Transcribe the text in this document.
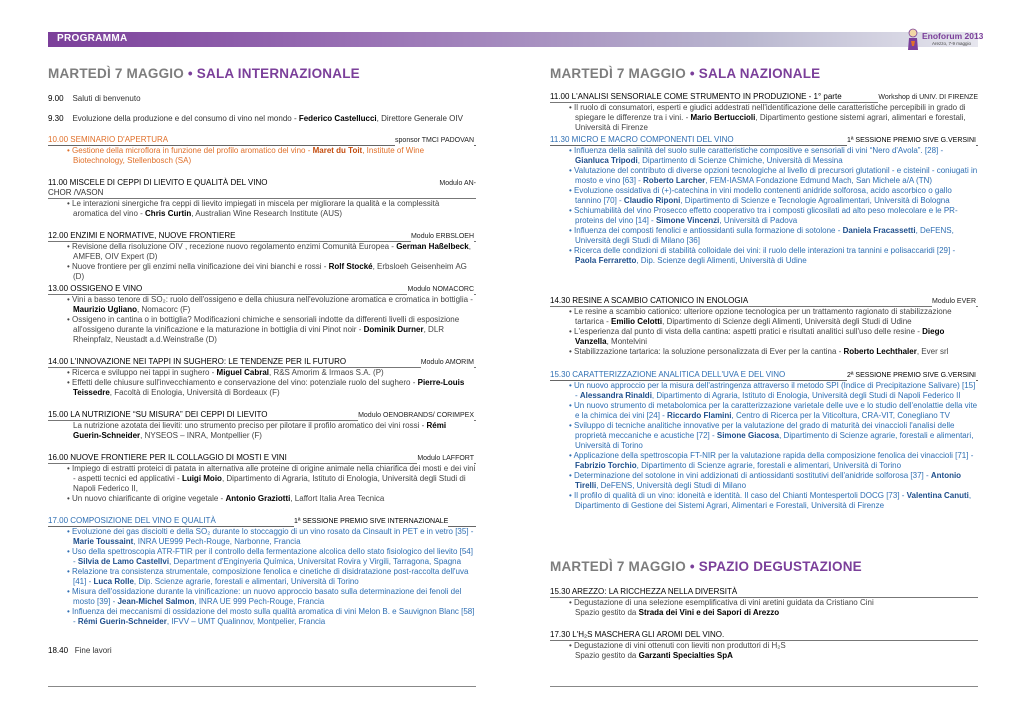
PROGRAMMA	Enoforum 2013
Arezzo, 7-9 maggio
MARTEDÌ 7 MAGGIO • SALA INTERNAZIONALE
9.00 Saluti di benvenuto
9.30 Evoluzione della produzione e del consumo di vino nel mondo - Federico Castellucci, Direttore Generale OIV
10.00 SEMINARIO D'APERTURA	sponsor TMCI PADOVAN
• Gestione della microflora in funzione del profilo aromatico del vino - Maret du Toit, Institute of Wine Biotechnology, Stellenbosch (SA)
11.00 MISCELE DI CEPPI DI LIEVITO E QUALITÀ DEL VINO	Modulo AN-
CHOR /VASON
• Le interazioni sinergiche fra ceppi di lievito impiegati in miscela per migliorare la qualità e la complessità aromatica del vino - Chris Curtin, Australian Wine Research Institute (AUS)
12.00 ENZIMI E NORMATIVE, NUOVE FRONTIERE	Modulo ERBSLOEH
• Revisione della risoluzione OIV , recezione nuovo regolamento enzimi Comunità Europea - German Haßelbeck, AMFEB, OIV Expert (D)
• Nuove frontiere per gli enzimi nella vinificazione dei vini bianchi e rossi - Rolf Stocké, Erbsloeh Geisenheim AG (D)
13.00 OSSIGENO E VINO	Modulo NOMACORC
• Vini a basso tenore di SO₂: ruolo dell'ossigeno e della chiusura nell'evoluzione aromatica e cromatica in bottiglia - Maurizio Ugliano, Nomacorc (F)
• Ossigeno in cantina o in bottiglia? Modificazioni chimiche e sensoriali indotte da differenti livelli di esposizione all'ossigeno durante la vinificazione e la maturazione in bottiglia di vini Pinot noir - Dominik Durner, DLR Rheinpfalz, Neustadt a.d.Weinstraße (D)
14.00 L'INNOVAZIONE NEI TAPPI IN SUGHERO: LE TENDENZE PER IL FUTURO	Modulo AMORIM
• Ricerca e sviluppo nei tappi in sughero - Miguel Cabral, R&S Amorim & Irmaos S.A. (P)
• Effetti delle chiusure sull'invecchiamento e conservazione del vino: potenziale ruolo del sughero - Pierre-Louis Teissedre, Facoltà di Enologia, Università di Bordeaux (F)
15.00 LA NUTRIZIONE “SU MISURA” DEI CEPPI DI LIEVITO	Modulo OENOBRANDS/ CORIMPEX
La nutrizione azotata dei lieviti: uno strumento preciso per pilotare il profilo aromatico dei vini rossi - Rémi Guerin-Schneider, NYSEOS – INRA, Montpellier (F)
16.00 NUOVE FRONTIERE PER IL COLLAGGIO DI MOSTI E VINI	Modulo LAFFORT
• Impiego di estratti proteici di patata in alternativa alle proteine di origine animale nella chiarifica dei mosti e dei vini - aspetti tecnici ed applicativi - Luigi Moio, Dipartimento di Agraria, Istituto di Enologia, Università degli Studi di Napoli Federico II,
• Un nuovo chiarificante di origine vegetale - Antonio Graziotti, Laffort Italia Area Tecnica
17.00 COMPOSIZIONE DEL VINO E QUALITÀ	1ª SESSIONE PREMIO SIVE INTERNAZIONALE
• Evoluzione dei gas disciolti e della SO₂ durante lo stoccaggio di un vino rosato da Cinsault in PET e in vetro [35] - Marie Toussaint, INRA UE999 Pech-Rouge, Narbonne, Francia
• Uso della spettroscopia ATR-FTIR per il controllo della fermentazione alcolica dello stato fisiologico del lievito [54] - Silvia de Lamo Castellvi, Department d'Enginyeria Química, Universitat Rovira y Virgili, Tarragona, Spagna
• Relazione tra consistenza strumentale, composizione fenolica e cinetiche di disidratazione post-raccolta dell'uva [41] - Luca Rolle, Dip. Scienze agrarie, forestali e alimentari, Università di Torino
• Misura dell'ossidazione durante la vinificazione: un nuovo approccio basato sulla determinazione dei fenoli del mosto [39] - Jean-Michel Salmon, INRA UE 999 Pech-Rouge, Francia
• Influenza dei meccanismi di ossidazione del mosto sulla qualità aromatica di vini Melon B. e Sauvignon Blanc [58] - Rémi Guerin-Schneider, IFVV – UMT Qualinnov, Montpelier, Francia
18.40 Fine lavori
MARTEDÌ 7 MAGGIO • SALA NAZIONALE
11.00 L'ANALISI SENSORIALE COME STRUMENTO IN PRODUZIONE - 1° parte	Workshop di UNIV. DI FIRENZE
• Il ruolo di consumatori, esperti e giudici addestrati nell'identificazione delle caratteristiche percepibili in grado di spiegare le differenze tra i vini. - Mario Bertuccioli, Dipartimento gestione sistemi agrari, alimentari e forestali, Università di Firenze
11.30 MICRO E MACRO COMPONENTI DEL VINO	1ª SESSIONE PREMIO SIVE G.VERSINI
• Influenza della salinità del suolo sulle caratteristiche compositive e sensoriali di vini “Nero d'Avola”. [28] - Gianluca Tripodi, Dipartimento di Scienze Chimiche, Università di Messina
• Valutazione del contributo di diverse opzioni tecnologiche al livello di precursori glutationil - e cisteinil - coniugati in mosto e vino [63] - Roberto Larcher, FEM-IASMA Fondazione Edmund Mach, San Michele a/A (TN)
• Evoluzione ossidativa di (+)-catechina in vini modello contenenti anidride solforosa, acido ascorbico o gallo tannino [70] - Claudio Riponi, Dipartimento di Scienze e Tecnologie Agroalimentari, Università di Bologna
• Schiumabilità del vino Prosecco effetto cooperativo tra i composti glicosilati ad alto peso molecolare e le PR-proteins del vino [14] - Simone Vincenzi, Università di Padova
• Influenza dei composti fenolici e antiossidanti sulla formazione di sotolone - Daniela Fracassetti, DeFENS, Università degli Studi di Milano [36]
• Ricerca delle condizioni di stabilità colloidale dei vini: il ruolo delle interazioni tra tannini e polisaccaridi [29] - Paola Ferraretto, Dip. Scienze degli Alimenti, Università di Udine
14.30 RESINE A SCAMBIO CATIONICO IN ENOLOGIA	Modulo EVER
• Le resine a scambio cationico: ulteriore opzione tecnologica per un trattamento ragionato di stabilizzazione tartarica - Emilio Celotti, Dipartimento di Scienze degli Alimenti, Università degli Studi di Udine
• L'esperienza dal punto di vista della cantina: aspetti pratici e risultati analitici sull'uso delle resine - Diego Vanzella, Montelvini
• Stabilizzazione tartarica: la soluzione personalizzata di Ever per la cantina - Roberto Lechthaler, Ever srl
15.30 CARATTERIZZAZIONE ANALITICA DELL'UVA E DEL VINO	2ª SESSIONE PREMIO SIVE G.VERSINI
• Un nuovo approccio per la misura dell'astringenza attraverso il metodo SPI (Indice di Precipitazione Salivare) [15] - Alessandra Rinaldi, Dipartimento di Agraria, Istituto di Enologia, Università degli Studi di Napoli Federico II
• Un nuovo strumento di metabolomica per la caratterizzazione varietale delle uve e lo studio dell'enolattie della vite e la chimica dei vini [24] - Riccardo Flamini, Centro di Ricerca per la Viticoltura, CRA-VIT, Conegliano TV
• Sviluppo di tecniche analitiche innovative per la valutazione del grado di maturità dei vinaccioli l'analisi delle proprietà meccaniche e acustiche [72] - Simone Giacosa, Dipartimento di Scienze agrarie, forestali e alimentari, Università di Torino
• Applicazione della spettroscopia FT-NIR per la valutazione rapida della composizione fenolica dei vinaccioli [71] - Fabrizio Torchio, Dipartimento di Scienze agrarie, forestali e alimentari, Università di Torino
• Determinazione del sotolone in vini addizionati di antiossidanti sostitutivi dell'anidride solforosa [37] - Antonio Tirelli, DeFENS, Università degli Studi di Milano
• Il profilo di qualità di un vino: idoneità e identità. Il caso del Chianti Montespertoli DOCG [73] - Valentina Canuti, Dipartimento di Gestione dei Sistemi Agrari, Alimentari e Forestali, Università di Firenze
MARTEDÌ 7 MAGGIO • SPAZIO DEGUSTAZIONE
15.30 AREZZO: LA RICCHEZZA NELLA DIVERSITÀ
• Degustazione di una selezione esemplificativa di vini aretini guidata da Cristiano Cini
Spazio gestito da Strada dei Vini e dei Sapori di Arezzo
17.30 L'H₂S MASCHERA GLI AROMI DEL VINO.
• Degustazione di vini ottenuti con lieviti non produttori di H₂S
Spazio gestito da Garzanti Specialties SpA
